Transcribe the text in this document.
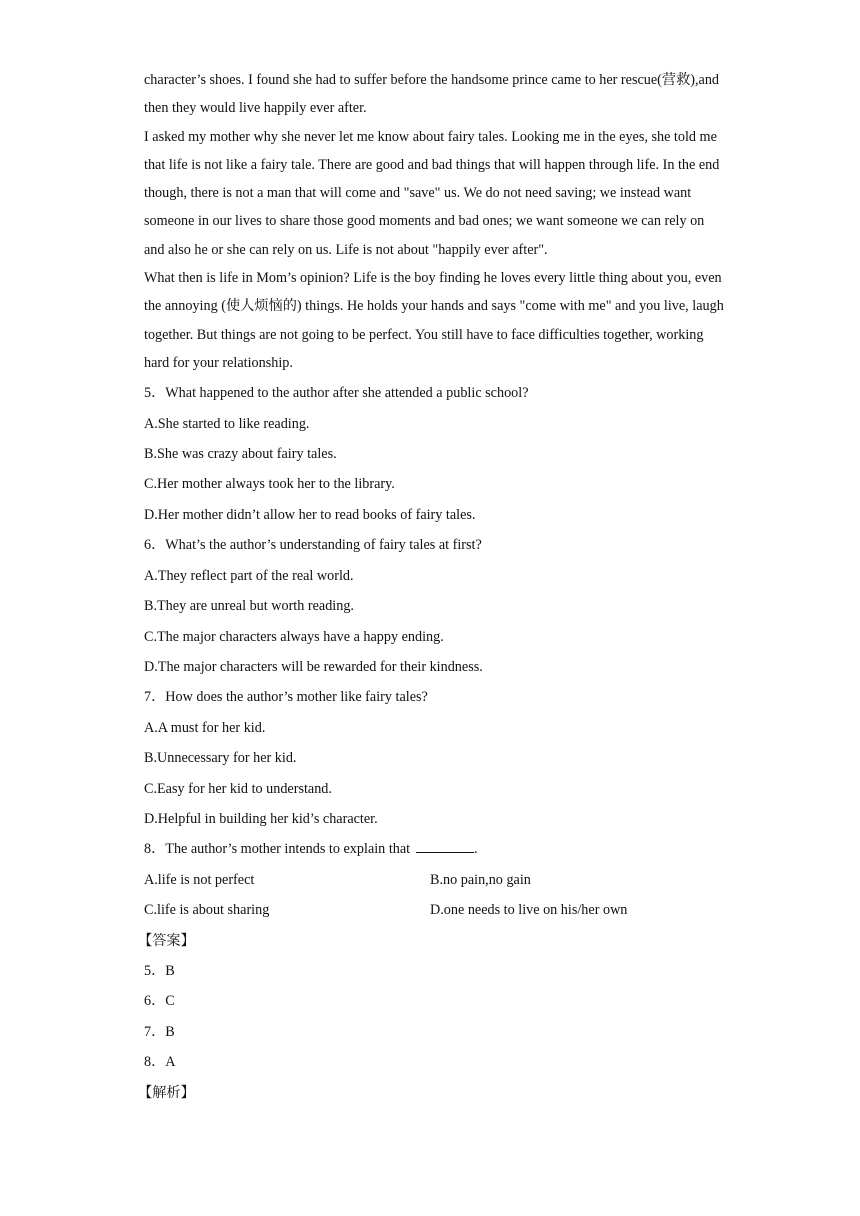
character’s shoes. I found she had to suffer before the handsome prince came to her rescue(营救),and then they would live happily ever after.

I asked my mother why she never let me know about fairy tales. Looking me in the eyes, she told me that life is not like a fairy tale. There are good and bad things that will happen through life. In the end though, there is not a man that will come and "save" us. We do not need saving; we instead want someone in our lives to share those good moments and bad ones; we want someone we can rely on and also he or she can rely on us. Life is not about "happily ever after".

What then is life in Mom’s opinion? Life is the boy finding he loves every little thing about you, even the annoying (使人烦恼的) things. He holds your hands and says "come with me" and you live, laugh together. But things are not going to be perfect. You still have to face difficulties together, working hard for your relationship.

5．What happened to the author after she attended a public school?

A.She started to like reading.

B.She was crazy about fairy tales.

C.Her mother always took her to the library.

D.Her mother didn’t allow her to read books of fairy tales.

6．What’s the author’s understanding of fairy tales at first?

A.They reflect part of the real world.

B.They are unreal but worth reading.

C.The major characters always have a happy ending.

D.The major characters will be rewarded for their kindness.

7．How does the author’s mother like fairy tales?

A.A must for her kid.

B.Unnecessary for her kid.

C.Easy for her kid to understand.

D.Helpful in building her kid’s character.

8．The author’s mother intends to explain that	.

A.life is not perfect	B.no pain,no gain
C.life is about sharing	D.one needs to live on his/her own

【答案】

5．B

6．C

7．B

8．A

【解析】
